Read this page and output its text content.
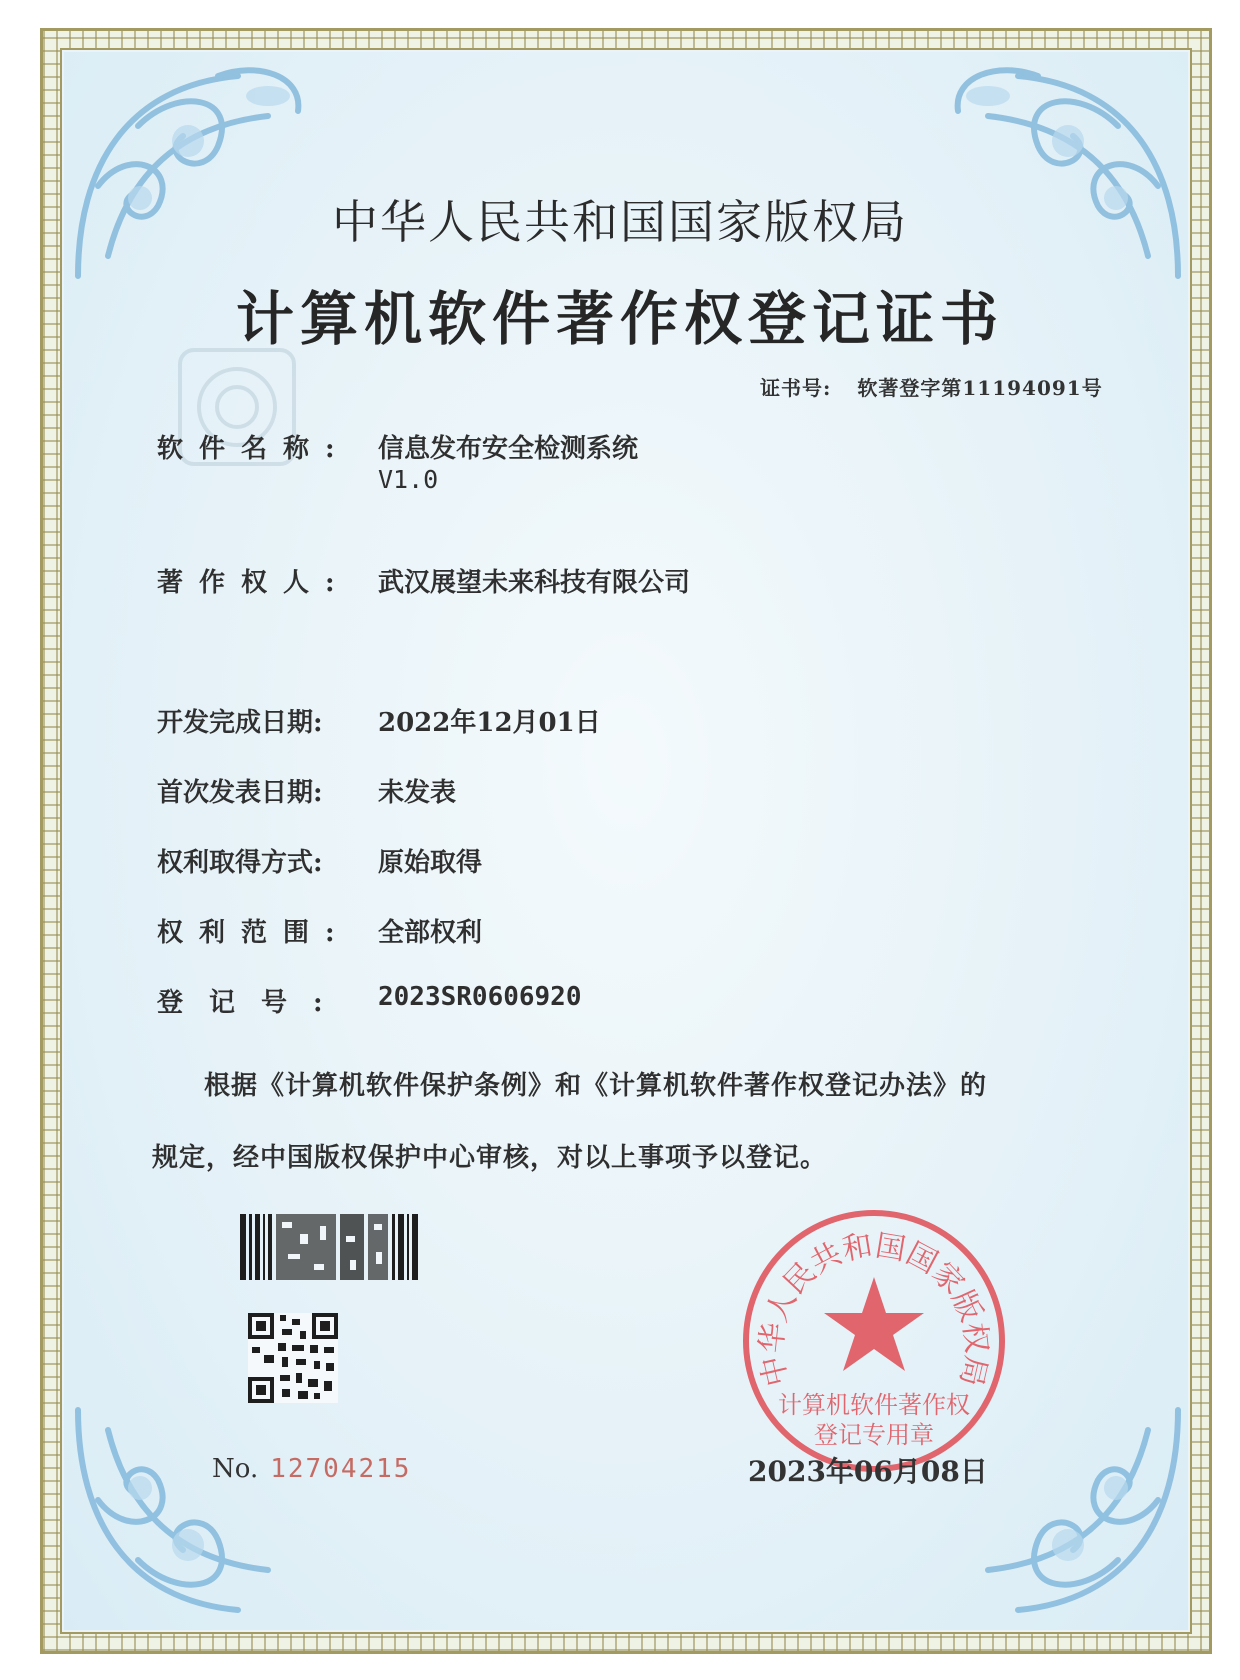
中华人民共和国国家版权局
计算机软件著作权登记证书
证书号: 软著登字第11194091号
软件名称: 信息发布安全检测系统
V1.0
著作权人: 武汉展望未来科技有限公司
开发完成日期: 2022年12月01日
首次发表日期: 未发表
权利取得方式: 原始取得
权利范围: 全部权利
登记号: 2023SR0606920
根据《计算机软件保护条例》和《计算机软件著作权登记办法》的
规定，经中国版权保护中心审核，对以上事项予以登记。
No. 12704215
中华人民共和国国家版权局
计算机软件著作权
登记专用章
2023年06月08日
